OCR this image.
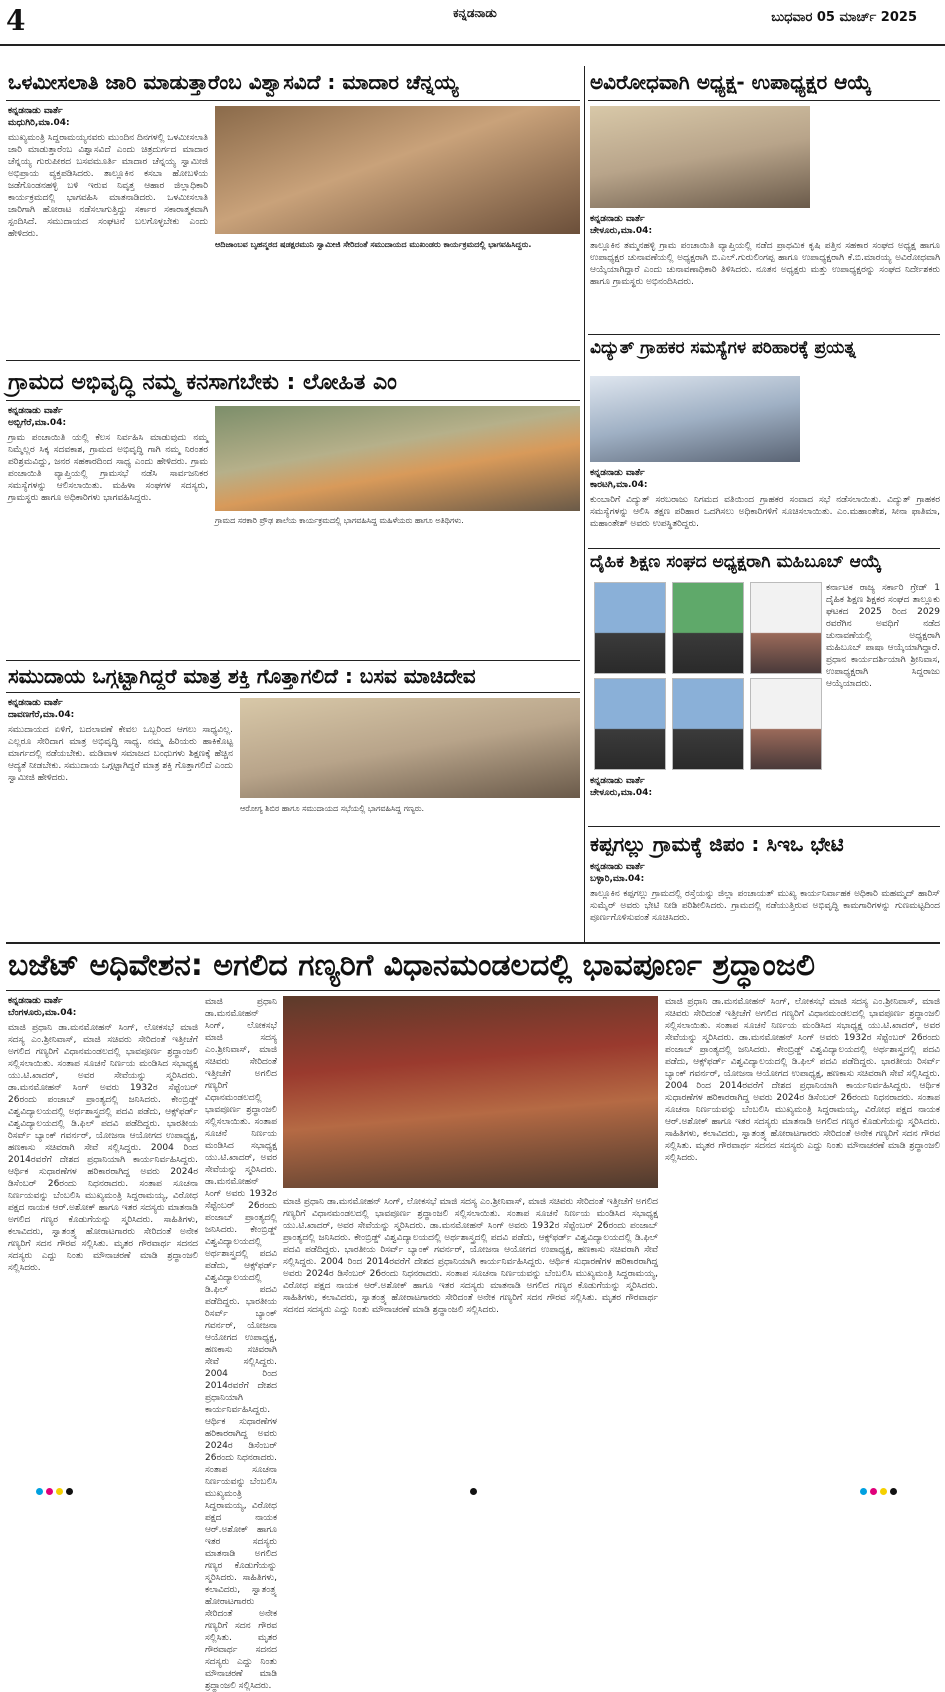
4	ಕನ್ನಡನಾಡು	ಬುಧವಾರ 05 ಮಾರ್ಚ್ 2025
ಒಳಮೀಸಲಾತಿ ಜಾರಿ ಮಾಡುತ್ತಾರೆಂಬ ವಿಶ್ವಾಸವಿದೆ : ಮಾದಾರ ಚೆನ್ನಯ್ಯ
ಕನ್ನಡನಾಡು ವಾರ್ತೆ
ಮಧುಗಿರಿ,ಮಾ.04:
ಮುಖ್ಯಮಂತ್ರಿ ಸಿದ್ದರಾಮಯ್ಯನವರು ಮುಂದಿನ ದಿನಗಳಲ್ಲಿ ಒಳಮೀಸಲಾತಿ ಜಾರಿ ಮಾಡುತ್ತಾರೆಂಬ ವಿಶ್ವಾಸವಿದೆ ಎಂದು ಚಿತ್ರದುರ್ಗದ ಮಾದಾರ ಚೆನ್ನಯ್ಯ ಗುರುಪೀಠದ ಬಸವಮೂರ್ತಿ ಮಾದಾರ ಚೆನ್ನಯ್ಯ ಸ್ವಾಮೀಜಿ ಅಭಿಪ್ರಾಯ ವ್ಯಕ್ತಪಡಿಸಿದರು. ತಾಲ್ಲೂಕಿನ ಕಸಬಾ ಹೋಬಳಿಯ ಜಡೆಗೊಂಡನಹಳ್ಳಿ ಬಳಿ ಇರುವ ನಿವೃತ್ತ ಆಹಾರ ಜಿಲ್ಲಾಧಿಕಾರಿ ಕಾರ್ಯಕ್ರಮದಲ್ಲಿ ಭಾಗವಹಿಸಿ ಮಾತನಾಡಿದರು. ಒಳಮೀಸಲಾತಿ ಜಾರಿಗಾಗಿ ಹೋರಾಟ ನಡೆಸಲಾಗುತ್ತಿದ್ದು ಸರ್ಕಾರ ಸಕಾರಾತ್ಮಕವಾಗಿ ಸ್ಪಂದಿಸಿದೆ. ಸಮುದಾಯದ ಸಂಘಟನೆ ಬಲಗೊಳ್ಳಬೇಕು ಎಂದು ಹೇಳಿದರು.
ಆದಿಜಾಂಬವ ಬೃಹನ್ಮಠದ ಷಡಕ್ಷರಮುನಿ ಸ್ವಾಮೀಜಿ ಸೇರಿದಂತೆ ಸಮುದಾಯದ ಮುಖಂಡರು ಕಾರ್ಯಕ್ರಮದಲ್ಲಿ ಭಾಗವಹಿಸಿದ್ದರು.
ಅವಿರೋಧವಾಗಿ ಅಧ್ಯಕ್ಷ- ಉಪಾಧ್ಯಕ್ಷರ ಆಯ್ಕೆ
ಕನ್ನಡನಾಡು ವಾರ್ತೆ
ಚೇಳೂರು,ಮಾ.04:
ತಾಲ್ಲೂಕಿನ ತಮ್ಮನಹಳ್ಳಿ ಗ್ರಾಮ ಪಂಚಾಯಿತಿ ವ್ಯಾಪ್ತಿಯಲ್ಲಿ ನಡೆದ ಪ್ರಾಥಮಿಕ ಕೃಷಿ ಪತ್ತಿನ ಸಹಕಾರ ಸಂಘದ ಅಧ್ಯಕ್ಷ ಹಾಗೂ ಉಪಾಧ್ಯಕ್ಷರ ಚುನಾವಣೆಯಲ್ಲಿ ಅಧ್ಯಕ್ಷರಾಗಿ ಬಿ.ಎಲ್.ಗುರುಲಿಂಗಪ್ಪ ಹಾಗೂ ಉಪಾಧ್ಯಕ್ಷರಾಗಿ ಕೆ.ಬಿ.ಮಾರಯ್ಯ ಅವಿರೋಧವಾಗಿ ಆಯ್ಕೆಯಾಗಿದ್ದಾರೆ ಎಂದು ಚುನಾವಣಾಧಿಕಾರಿ ತಿಳಿಸಿದರು. ನೂತನ ಅಧ್ಯಕ್ಷರು ಮತ್ತು ಉಪಾಧ್ಯಕ್ಷರನ್ನು ಸಂಘದ ನಿರ್ದೇಶಕರು ಹಾಗೂ ಗ್ರಾಮಸ್ಥರು ಅಭಿನಂದಿಸಿದರು.
ವಿದ್ಯುತ್ ಗ್ರಾಹಕರ ಸಮಸ್ಯೆಗಳ ಪರಿಹಾರಕ್ಕೆ ಪ್ರಯತ್ನ
ಕನ್ನಡನಾಡು ವಾರ್ತೆ
ಕಾರಟಗಿ,ಮಾ.04:
ಕುಂಬಾರಿಗೆ ವಿದ್ಯುತ್ ಸರಬರಾಜು ನಿಗಮದ ವತಿಯಿಂದ ಗ್ರಾಹಕರ ಸಂವಾದ ಸಭೆ ನಡೆಸಲಾಯಿತು. ವಿದ್ಯುತ್ ಗ್ರಾಹಕರ ಸಮಸ್ಯೆಗಳನ್ನು ಆಲಿಸಿ ತಕ್ಷಣ ಪರಿಹಾರ ಒದಗಿಸಲು ಅಧಿಕಾರಿಗಳಿಗೆ ಸೂಚಿಸಲಾಯಿತು. ಎಂ.ಮಹಾಂತೇಶ, ಸೀನಾ ಫಾತಿಮಾ, ಮಹಾಂತೇಶ್ ಅವರು ಉಪಸ್ಥಿತರಿದ್ದರು.
ಗ್ರಾಮದ ಅಭಿವೃದ್ಧಿ ನಮ್ಮ ಕನಸಾಗಬೇಕು : ಲೋಹಿತ ಎಂ
ಕನ್ನಡನಾಡು ವಾರ್ತೆ
ಅಬ್ಬಿಗೆರೆ,ಮಾ.04:
ಗ್ರಾಮ ಪಂಚಾಯಿತಿ ಯಲ್ಲಿ ಕೆಲಸ ನಿರ್ವಹಿಸಿ ಮಾಡುವುದು ನಮ್ಮ ನಿಮ್ಮೆಲ್ಲರ ಸಿಕ್ಕ ಸದವಕಾಶ, ಗ್ರಾಮದ ಅಭಿವೃದ್ಧಿ ಗಾಗಿ ನಮ್ಮ ನಿರಂತರ ಪರಿಶ್ರಮವಿದ್ದು, ಜನರ ಸಹಕಾರದಿಂದ ಸಾಧ್ಯ ಎಂದು ಹೇಳಿದರು. ಗ್ರಾಮ ಪಂಚಾಯಿತಿ ವ್ಯಾಪ್ತಿಯಲ್ಲಿ ಗ್ರಾಮಸಭೆ ನಡೆಸಿ ಸಾರ್ವಜನಿಕರ ಸಮಸ್ಯೆಗಳನ್ನು ಆಲಿಸಲಾಯಿತು. ಮಹಿಳಾ ಸಂಘಗಳ ಸದಸ್ಯರು, ಗ್ರಾಮಸ್ಥರು ಹಾಗೂ ಅಧಿಕಾರಿಗಳು ಭಾಗವಹಿಸಿದ್ದರು.
ಗ್ರಾಮದ ಸರಕಾರಿ ಪ್ರೌಢ ಶಾಲೆಯ ಕಾರ್ಯಕ್ರಮದಲ್ಲಿ ಭಾಗವಹಿಸಿದ್ದ ಮಹಿಳೆಯರು ಹಾಗೂ ಅತಿಥಿಗಳು.
ದೈಹಿಕ ಶಿಕ್ಷಣ ಸಂಘದ ಅಧ್ಯಕ್ಷರಾಗಿ ಮಹಿಬೂಬ್ ಆಯ್ಕೆ
ಕರ್ನಾಟಕ ರಾಜ್ಯ ಸರ್ಕಾರಿ ಗ್ರೇಡ್ 1 ದೈಹಿಕ ಶಿಕ್ಷಣ ಶಿಕ್ಷಕರ ಸಂಘದ ತಾಲ್ಲೂಕು ಘಟಕದ 2025 ರಿಂದ 2029 ರವರೆಗಿನ ಅವಧಿಗೆ ನಡೆದ ಚುನಾವಣೆಯಲ್ಲಿ ಅಧ್ಯಕ್ಷರಾಗಿ ಮಹಿಬೂಬ್ ಪಾಷಾ ಆಯ್ಕೆಯಾಗಿದ್ದಾರೆ. ಪ್ರಧಾನ ಕಾರ್ಯದರ್ಶಿಯಾಗಿ ಶ್ರೀನಿವಾಸ, ಉಪಾಧ್ಯಕ್ಷರಾಗಿ ಸಿದ್ದರಾಜು ಆಯ್ಕೆಯಾದರು.
ಕನ್ನಡನಾಡು ವಾರ್ತೆ
ಚೇಳೂರು,ಮಾ.04:
ಸಮುದಾಯ ಒಗ್ಗಟ್ಟಾಗಿದ್ದರೆ ಮಾತ್ರ ಶಕ್ತಿ ಗೊತ್ತಾಗಲಿದೆ : ಬಸವ ಮಾಚಿದೇವ
ಕನ್ನಡನಾಡು ವಾರ್ತೆ
ದಾವಣಗೆರೆ,ಮಾ.04:
ಸಮುದಾಯದ ಏಳಿಗೆ, ಬದಲಾವಣೆ ಕೇವಲ ಒಬ್ಬರಿಂದ ಆಗಲು ಸಾಧ್ಯವಿಲ್ಲ. ಎಲ್ಲರೂ ಸೇರಿದಾಗ ಮಾತ್ರ ಅಭಿವೃದ್ಧಿ ಸಾಧ್ಯ. ನಮ್ಮ ಹಿರಿಯರು ಹಾಕಿಕೊಟ್ಟ ಮಾರ್ಗದಲ್ಲಿ ನಡೆಯಬೇಕು. ಮಡಿವಾಳ ಸಮಾಜದ ಬಂಧುಗಳು ಶಿಕ್ಷಣಕ್ಕೆ ಹೆಚ್ಚಿನ ಆದ್ಯತೆ ನೀಡಬೇಕು. ಸಮುದಾಯ ಒಗ್ಗಟ್ಟಾಗಿದ್ದರೆ ಮಾತ್ರ ಶಕ್ತಿ ಗೊತ್ತಾಗಲಿದೆ ಎಂದು ಸ್ವಾಮೀಜಿ ಹೇಳಿದರು.
ಆರೋಗ್ಯ ಶಿಬಿರ ಹಾಗೂ ಸಮುದಾಯದ ಸಭೆಯಲ್ಲಿ ಭಾಗವಹಿಸಿದ್ದ ಗಣ್ಯರು.
ಕಪ್ಪಗಲ್ಲು ಗ್ರಾಮಕ್ಕೆ ಜಿಪಂ : ಸಿಇಒ ಭೇಟಿ
ಕನ್ನಡನಾಡು ವಾರ್ತೆ
ಬಳ್ಳಾರಿ,ಮಾ.04:
ತಾಲ್ಲೂಕಿನ ಕಪ್ಪಗಲ್ಲು ಗ್ರಾಮದಲ್ಲಿ ರಸ್ತೆಯನ್ನು ಜಿಲ್ಲಾ ಪಂಚಾಯತ್ ಮುಖ್ಯ ಕಾರ್ಯನಿರ್ವಾಹಕ ಅಧಿಕಾರಿ ಮಹಮ್ಮದ್ ಹಾರಿಸ್ ಸುಮೈರ್ ಅವರು ಭೇಟಿ ನೀಡಿ ಪರಿಶೀಲಿಸಿದರು. ಗ್ರಾಮದಲ್ಲಿ ನಡೆಯುತ್ತಿರುವ ಅಭಿವೃದ್ಧಿ ಕಾಮಗಾರಿಗಳನ್ನು ಗುಣಮಟ್ಟದಿಂದ ಪೂರ್ಣಗೊಳಿಸುವಂತೆ ಸೂಚಿಸಿದರು.
ಬಜೆಟ್ ಅಧಿವೇಶನ: ಅಗಲಿದ ಗಣ್ಯರಿಗೆ ವಿಧಾನಮಂಡಲದಲ್ಲಿ ಭಾವಪೂರ್ಣ ಶ್ರದ್ಧಾಂಜಲಿ
ಕನ್ನಡನಾಡು ವಾರ್ತೆ
ಬೆಂಗಳೂರು,ಮಾ.04:
ಮಾಜಿ ಪ್ರಧಾನಿ ಡಾ.ಮನಮೋಹನ್ ಸಿಂಗ್, ಲೋಕಸಭೆ ಮಾಜಿ ಸದಸ್ಯ ಎಂ.ಶ್ರೀನಿವಾಸ್, ಮಾಜಿ ಸಚಿವರು ಸೇರಿದಂತೆ ಇತ್ತೀಚೆಗೆ ಅಗಲಿದ ಗಣ್ಯರಿಗೆ ವಿಧಾನಮಂಡಲದಲ್ಲಿ ಭಾವಪೂರ್ಣ ಶ್ರದ್ಧಾಂಜಲಿ ಸಲ್ಲಿಸಲಾಯಿತು. ಸಂತಾಪ ಸೂಚನೆ ನಿರ್ಣಯ ಮಂಡಿಸಿದ ಸಭಾಧ್ಯಕ್ಷ ಯು.ಟಿ.ಖಾದರ್, ಅವರ ಸೇವೆಯನ್ನು ಸ್ಮರಿಸಿದರು. ಡಾ.ಮನಮೋಹನ್ ಸಿಂಗ್ ಅವರು 1932ರ ಸೆಪ್ಟೆಂಬರ್ 26ರಂದು ಪಂಜಾಬ್ ಪ್ರಾಂತ್ಯದಲ್ಲಿ ಜನಿಸಿದರು. ಕೇಂಬ್ರಿಡ್ಜ್ ವಿಶ್ವವಿದ್ಯಾಲಯದಲ್ಲಿ ಅರ್ಥಶಾಸ್ತ್ರದಲ್ಲಿ ಪದವಿ ಪಡೆದು, ಆಕ್ಸ್‌ಫರ್ಡ್ ವಿಶ್ವವಿದ್ಯಾಲಯದಲ್ಲಿ ಡಿ.ಫಿಲ್ ಪದವಿ ಪಡೆದಿದ್ದರು. ಭಾರತೀಯ ರಿಸರ್ವ್ ಬ್ಯಾಂಕ್ ಗವರ್ನರ್, ಯೋಜನಾ ಆಯೋಗದ ಉಪಾಧ್ಯಕ್ಷ, ಹಣಕಾಸು ಸಚಿವರಾಗಿ ಸೇವೆ ಸಲ್ಲಿಸಿದ್ದರು. 2004 ರಿಂದ 2014ರವರೆಗೆ ದೇಶದ ಪ್ರಧಾನಿಯಾಗಿ ಕಾರ್ಯನಿರ್ವಹಿಸಿದ್ದರು. ಆರ್ಥಿಕ ಸುಧಾರಣೆಗಳ ಹರಿಕಾರರಾಗಿದ್ದ ಅವರು 2024ರ ಡಿಸೆಂಬರ್ 26ರಂದು ನಿಧನರಾದರು. ಸಂತಾಪ ಸೂಚನಾ ನಿರ್ಣಯವನ್ನು ಬೆಂಬಲಿಸಿ ಮುಖ್ಯಮಂತ್ರಿ ಸಿದ್ದರಾಮಯ್ಯ, ವಿರೋಧ ಪಕ್ಷದ ನಾಯಕ ಆರ್.ಅಶೋಕ್ ಹಾಗೂ ಇತರ ಸದಸ್ಯರು ಮಾತನಾಡಿ ಅಗಲಿದ ಗಣ್ಯರ ಕೊಡುಗೆಯನ್ನು ಸ್ಮರಿಸಿದರು. ಸಾಹಿತಿಗಳು, ಕಲಾವಿದರು, ಸ್ವಾತಂತ್ರ್ಯ ಹೋರಾಟಗಾರರು ಸೇರಿದಂತೆ ಅನೇಕ ಗಣ್ಯರಿಗೆ ಸದನ ಗೌರವ ಸಲ್ಲಿಸಿತು. ಮೃತರ ಗೌರವಾರ್ಥ ಸದನದ ಸದಸ್ಯರು ಎದ್ದು ನಿಂತು ಮೌನಾಚರಣೆ ಮಾಡಿ ಶ್ರದ್ಧಾಂಜಲಿ ಸಲ್ಲಿಸಿದರು.
ಮಾಜಿ ಪ್ರಧಾನಿ ಡಾ.ಮನಮೋಹನ್ ಸಿಂಗ್, ಲೋಕಸಭೆ ಮಾಜಿ ಸದಸ್ಯ ಎಂ.ಶ್ರೀನಿವಾಸ್, ಮಾಜಿ ಸಚಿವರು ಸೇರಿದಂತೆ ಇತ್ತೀಚೆಗೆ ಅಗಲಿದ ಗಣ್ಯರಿಗೆ ವಿಧಾನಮಂಡಲದಲ್ಲಿ ಭಾವಪೂರ್ಣ ಶ್ರದ್ಧಾಂಜಲಿ ಸಲ್ಲಿಸಲಾಯಿತು. ಸಂತಾಪ ಸೂಚನೆ ನಿರ್ಣಯ ಮಂಡಿಸಿದ ಸಭಾಧ್ಯಕ್ಷ ಯು.ಟಿ.ಖಾದರ್, ಅವರ ಸೇವೆಯನ್ನು ಸ್ಮರಿಸಿದರು. ಡಾ.ಮನಮೋಹನ್ ಸಿಂಗ್ ಅವರು 1932ರ ಸೆಪ್ಟೆಂಬರ್ 26ರಂದು ಪಂಜಾಬ್ ಪ್ರಾಂತ್ಯದಲ್ಲಿ ಜನಿಸಿದರು. ಕೇಂಬ್ರಿಡ್ಜ್ ವಿಶ್ವವಿದ್ಯಾಲಯದಲ್ಲಿ ಅರ್ಥಶಾಸ್ತ್ರದಲ್ಲಿ ಪದವಿ ಪಡೆದು, ಆಕ್ಸ್‌ಫರ್ಡ್ ವಿಶ್ವವಿದ್ಯಾಲಯದಲ್ಲಿ ಡಿ.ಫಿಲ್ ಪದವಿ ಪಡೆದಿದ್ದರು. ಭಾರತೀಯ ರಿಸರ್ವ್ ಬ್ಯಾಂಕ್ ಗವರ್ನರ್, ಯೋಜನಾ ಆಯೋಗದ ಉಪಾಧ್ಯಕ್ಷ, ಹಣಕಾಸು ಸಚಿವರಾಗಿ ಸೇವೆ ಸಲ್ಲಿಸಿದ್ದರು. 2004 ರಿಂದ 2014ರವರೆಗೆ ದೇಶದ ಪ್ರಧಾನಿಯಾಗಿ ಕಾರ್ಯನಿರ್ವಹಿಸಿದ್ದರು. ಆರ್ಥಿಕ ಸುಧಾರಣೆಗಳ ಹರಿಕಾರರಾಗಿದ್ದ ಅವರು 2024ರ ಡಿಸೆಂಬರ್ 26ರಂದು ನಿಧನರಾದರು. ಸಂತಾಪ ಸೂಚನಾ ನಿರ್ಣಯವನ್ನು ಬೆಂಬಲಿಸಿ ಮುಖ್ಯಮಂತ್ರಿ ಸಿದ್ದರಾಮಯ್ಯ, ವಿರೋಧ ಪಕ್ಷದ ನಾಯಕ ಆರ್.ಅಶೋಕ್ ಹಾಗೂ ಇತರ ಸದಸ್ಯರು ಮಾತನಾಡಿ ಅಗಲಿದ ಗಣ್ಯರ ಕೊಡುಗೆಯನ್ನು ಸ್ಮರಿಸಿದರು. ಸಾಹಿತಿಗಳು, ಕಲಾವಿದರು, ಸ್ವಾತಂತ್ರ್ಯ ಹೋರಾಟಗಾರರು ಸೇರಿದಂತೆ ಅನೇಕ ಗಣ್ಯರಿಗೆ ಸದನ ಗೌರವ ಸಲ್ಲಿಸಿತು. ಮೃತರ ಗೌರವಾರ್ಥ ಸದನದ ಸದಸ್ಯರು ಎದ್ದು ನಿಂತು ಮೌನಾಚರಣೆ ಮಾಡಿ ಶ್ರದ್ಧಾಂಜಲಿ ಸಲ್ಲಿಸಿದರು.
ಮಾಜಿ ಪ್ರಧಾನಿ ಡಾ.ಮನಮೋಹನ್ ಸಿಂಗ್, ಲೋಕಸಭೆ ಮಾಜಿ ಸದಸ್ಯ ಎಂ.ಶ್ರೀನಿವಾಸ್, ಮಾಜಿ ಸಚಿವರು ಸೇರಿದಂತೆ ಇತ್ತೀಚೆಗೆ ಅಗಲಿದ ಗಣ್ಯರಿಗೆ ವಿಧಾನಮಂಡಲದಲ್ಲಿ ಭಾವಪೂರ್ಣ ಶ್ರದ್ಧಾಂಜಲಿ ಸಲ್ಲಿಸಲಾಯಿತು. ಸಂತಾಪ ಸೂಚನೆ ನಿರ್ಣಯ ಮಂಡಿಸಿದ ಸಭಾಧ್ಯಕ್ಷ ಯು.ಟಿ.ಖಾದರ್, ಅವರ ಸೇವೆಯನ್ನು ಸ್ಮರಿಸಿದರು. ಡಾ.ಮನಮೋಹನ್ ಸಿಂಗ್ ಅವರು 1932ರ ಸೆಪ್ಟೆಂಬರ್ 26ರಂದು ಪಂಜಾಬ್ ಪ್ರಾಂತ್ಯದಲ್ಲಿ ಜನಿಸಿದರು. ಕೇಂಬ್ರಿಡ್ಜ್ ವಿಶ್ವವಿದ್ಯಾಲಯದಲ್ಲಿ ಅರ್ಥಶಾಸ್ತ್ರದಲ್ಲಿ ಪದವಿ ಪಡೆದು, ಆಕ್ಸ್‌ಫರ್ಡ್ ವಿಶ್ವವಿದ್ಯಾಲಯದಲ್ಲಿ ಡಿ.ಫಿಲ್ ಪದವಿ ಪಡೆದಿದ್ದರು. ಭಾರತೀಯ ರಿಸರ್ವ್ ಬ್ಯಾಂಕ್ ಗವರ್ನರ್, ಯೋಜನಾ ಆಯೋಗದ ಉಪಾಧ್ಯಕ್ಷ, ಹಣಕಾಸು ಸಚಿವರಾಗಿ ಸೇವೆ ಸಲ್ಲಿಸಿದ್ದರು. 2004 ರಿಂದ 2014ರವರೆಗೆ ದೇಶದ ಪ್ರಧಾನಿಯಾಗಿ ಕಾರ್ಯನಿರ್ವಹಿಸಿದ್ದರು. ಆರ್ಥಿಕ ಸುಧಾರಣೆಗಳ ಹರಿಕಾರರಾಗಿದ್ದ ಅವರು 2024ರ ಡಿಸೆಂಬರ್ 26ರಂದು ನಿಧನರಾದರು. ಸಂತಾಪ ಸೂಚನಾ ನಿರ್ಣಯವನ್ನು ಬೆಂಬಲಿಸಿ ಮುಖ್ಯಮಂತ್ರಿ ಸಿದ್ದರಾಮಯ್ಯ, ವಿರೋಧ ಪಕ್ಷದ ನಾಯಕ ಆರ್.ಅಶೋಕ್ ಹಾಗೂ ಇತರ ಸದಸ್ಯರು ಮಾತನಾಡಿ ಅಗಲಿದ ಗಣ್ಯರ ಕೊಡುಗೆಯನ್ನು ಸ್ಮರಿಸಿದರು. ಸಾಹಿತಿಗಳು, ಕಲಾವಿದರು, ಸ್ವಾತಂತ್ರ್ಯ ಹೋರಾಟಗಾರರು ಸೇರಿದಂತೆ ಅನೇಕ ಗಣ್ಯರಿಗೆ ಸದನ ಗೌರವ ಸಲ್ಲಿಸಿತು. ಮೃತರ ಗೌರವಾರ್ಥ ಸದನದ ಸದಸ್ಯರು ಎದ್ದು ನಿಂತು ಮೌನಾಚರಣೆ ಮಾಡಿ ಶ್ರದ್ಧಾಂಜಲಿ ಸಲ್ಲಿಸಿದರು.
ಮಾಜಿ ಪ್ರಧಾನಿ ಡಾ.ಮನಮೋಹನ್ ಸಿಂಗ್, ಲೋಕಸಭೆ ಮಾಜಿ ಸದಸ್ಯ ಎಂ.ಶ್ರೀನಿವಾಸ್, ಮಾಜಿ ಸಚಿವರು ಸೇರಿದಂತೆ ಇತ್ತೀಚೆಗೆ ಅಗಲಿದ ಗಣ್ಯರಿಗೆ ವಿಧಾನಮಂಡಲದಲ್ಲಿ ಭಾವಪೂರ್ಣ ಶ್ರದ್ಧಾಂಜಲಿ ಸಲ್ಲಿಸಲಾಯಿತು. ಸಂತಾಪ ಸೂಚನೆ ನಿರ್ಣಯ ಮಂಡಿಸಿದ ಸಭಾಧ್ಯಕ್ಷ ಯು.ಟಿ.ಖಾದರ್, ಅವರ ಸೇವೆಯನ್ನು ಸ್ಮರಿಸಿದರು. ಡಾ.ಮನಮೋಹನ್ ಸಿಂಗ್ ಅವರು 1932ರ ಸೆಪ್ಟೆಂಬರ್ 26ರಂದು ಪಂಜಾಬ್ ಪ್ರಾಂತ್ಯದಲ್ಲಿ ಜನಿಸಿದರು. ಕೇಂಬ್ರಿಡ್ಜ್ ವಿಶ್ವವಿದ್ಯಾಲಯದಲ್ಲಿ ಅರ್ಥಶಾಸ್ತ್ರದಲ್ಲಿ ಪದವಿ ಪಡೆದು, ಆಕ್ಸ್‌ಫರ್ಡ್ ವಿಶ್ವವಿದ್ಯಾಲಯದಲ್ಲಿ ಡಿ.ಫಿಲ್ ಪದವಿ ಪಡೆದಿದ್ದರು. ಭಾರತೀಯ ರಿಸರ್ವ್ ಬ್ಯಾಂಕ್ ಗವರ್ನರ್, ಯೋಜನಾ ಆಯೋಗದ ಉಪಾಧ್ಯಕ್ಷ, ಹಣಕಾಸು ಸಚಿವರಾಗಿ ಸೇವೆ ಸಲ್ಲಿಸಿದ್ದರು. 2004 ರಿಂದ 2014ರವರೆಗೆ ದೇಶದ ಪ್ರಧಾನಿಯಾಗಿ ಕಾರ್ಯನಿರ್ವಹಿಸಿದ್ದರು. ಆರ್ಥಿಕ ಸುಧಾರಣೆಗಳ ಹರಿಕಾರರಾಗಿದ್ದ ಅವರು 2024ರ ಡಿಸೆಂಬರ್ 26ರಂದು ನಿಧನರಾದರು. ಸಂತಾಪ ಸೂಚನಾ ನಿರ್ಣಯವನ್ನು ಬೆಂಬಲಿಸಿ ಮುಖ್ಯಮಂತ್ರಿ ಸಿದ್ದರಾಮಯ್ಯ, ವಿರೋಧ ಪಕ್ಷದ ನಾಯಕ ಆರ್.ಅಶೋಕ್ ಹಾಗೂ ಇತರ ಸದಸ್ಯರು ಮಾತನಾಡಿ ಅಗಲಿದ ಗಣ್ಯರ ಕೊಡುಗೆಯನ್ನು ಸ್ಮರಿಸಿದರು. ಸಾಹಿತಿಗಳು, ಕಲಾವಿದರು, ಸ್ವಾತಂತ್ರ್ಯ ಹೋರಾಟಗಾರರು ಸೇರಿದಂತೆ ಅನೇಕ ಗಣ್ಯರಿಗೆ ಸದನ ಗೌರವ ಸಲ್ಲಿಸಿತು. ಮೃತರ ಗೌರವಾರ್ಥ ಸದನದ ಸದಸ್ಯರು ಎದ್ದು ನಿಂತು ಮೌನಾಚರಣೆ ಮಾಡಿ ಶ್ರದ್ಧಾಂಜಲಿ ಸಲ್ಲಿಸಿದರು.
